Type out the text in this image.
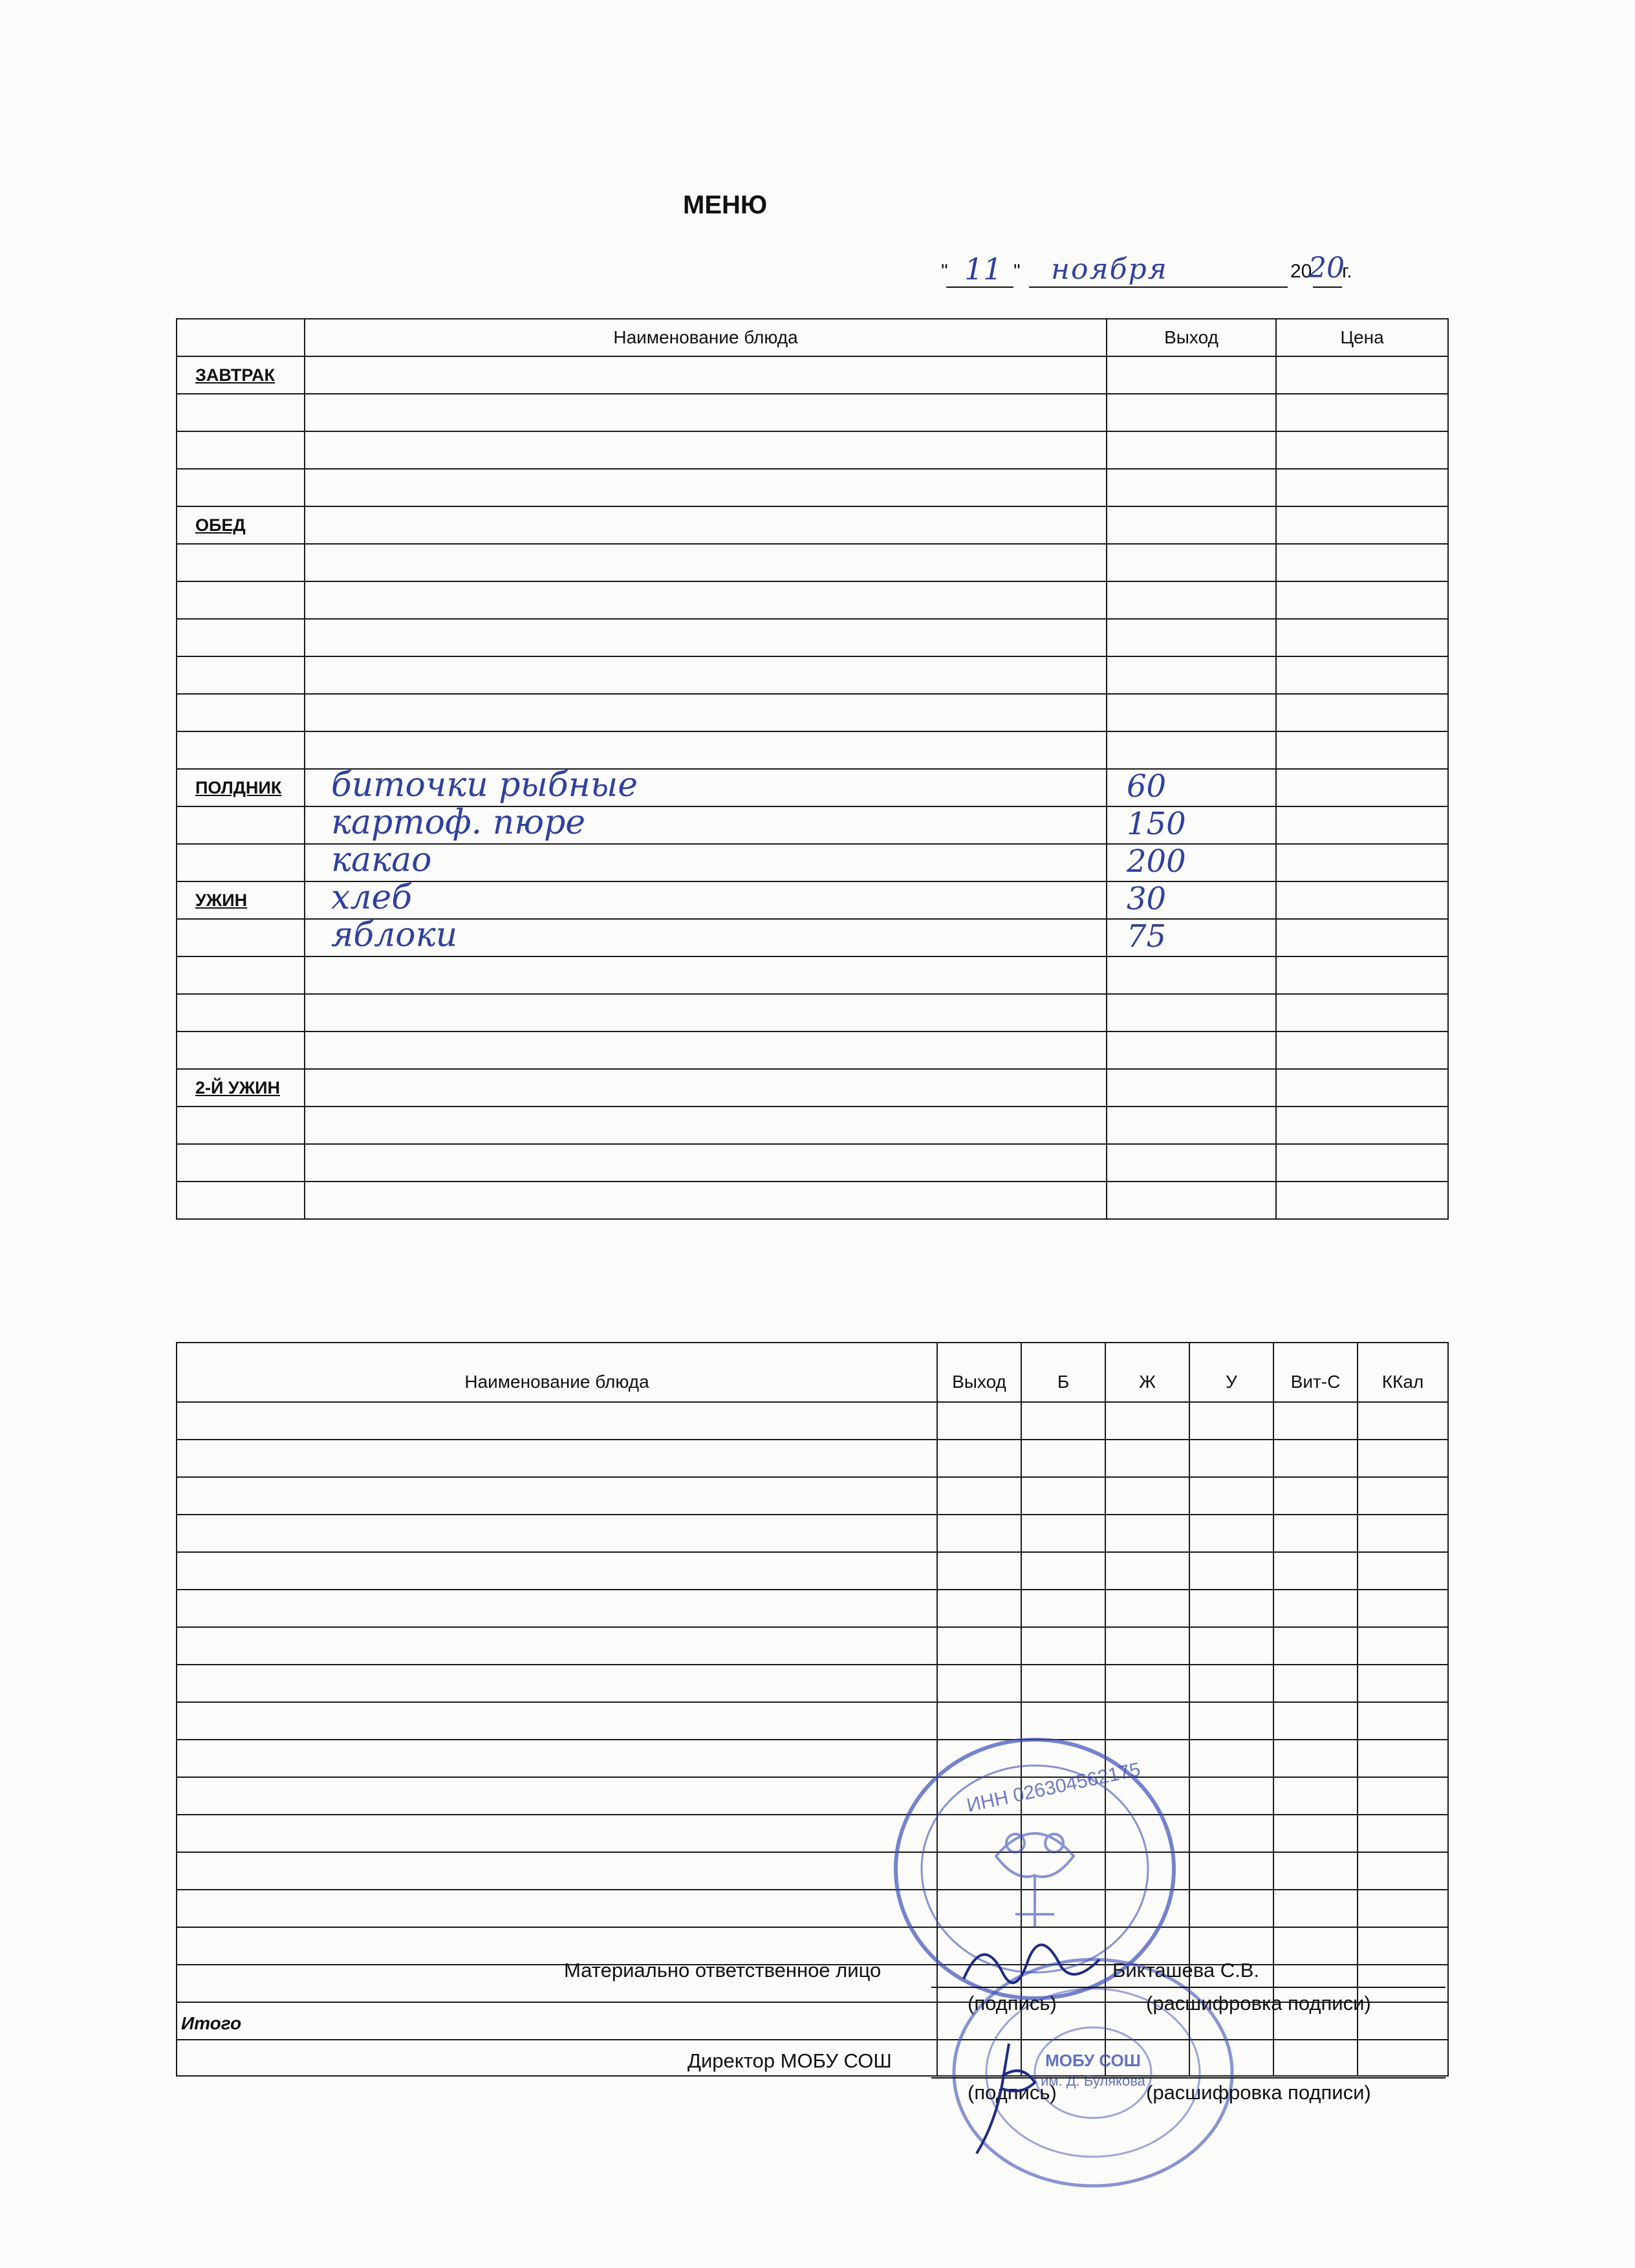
МЕНЮ
" 11 " ноября	20
20
г.
	Наименование блюда	Выход	Цена
ЗАВТРАК			

ОБЕД			

ПОЛДНИК	биточки рыбные	60	

	картоф. пюре	150	

	какао	200	

УЖИН	хлеб	30	

	яблоки	75	

2-Й УЖИН			

Наименование блюда	Выход	Б	Ж	У	Вит-С	ККал

Итого						

ИНН 026304562175
МОБУ СОШ
им. Д. Булякова
Материально ответственное лицо	Бикташева С.В.
(подпись)	(расшифровка подписи)
Директор МОБУ СОШ
(подпись)	(расшифровка подписи)
